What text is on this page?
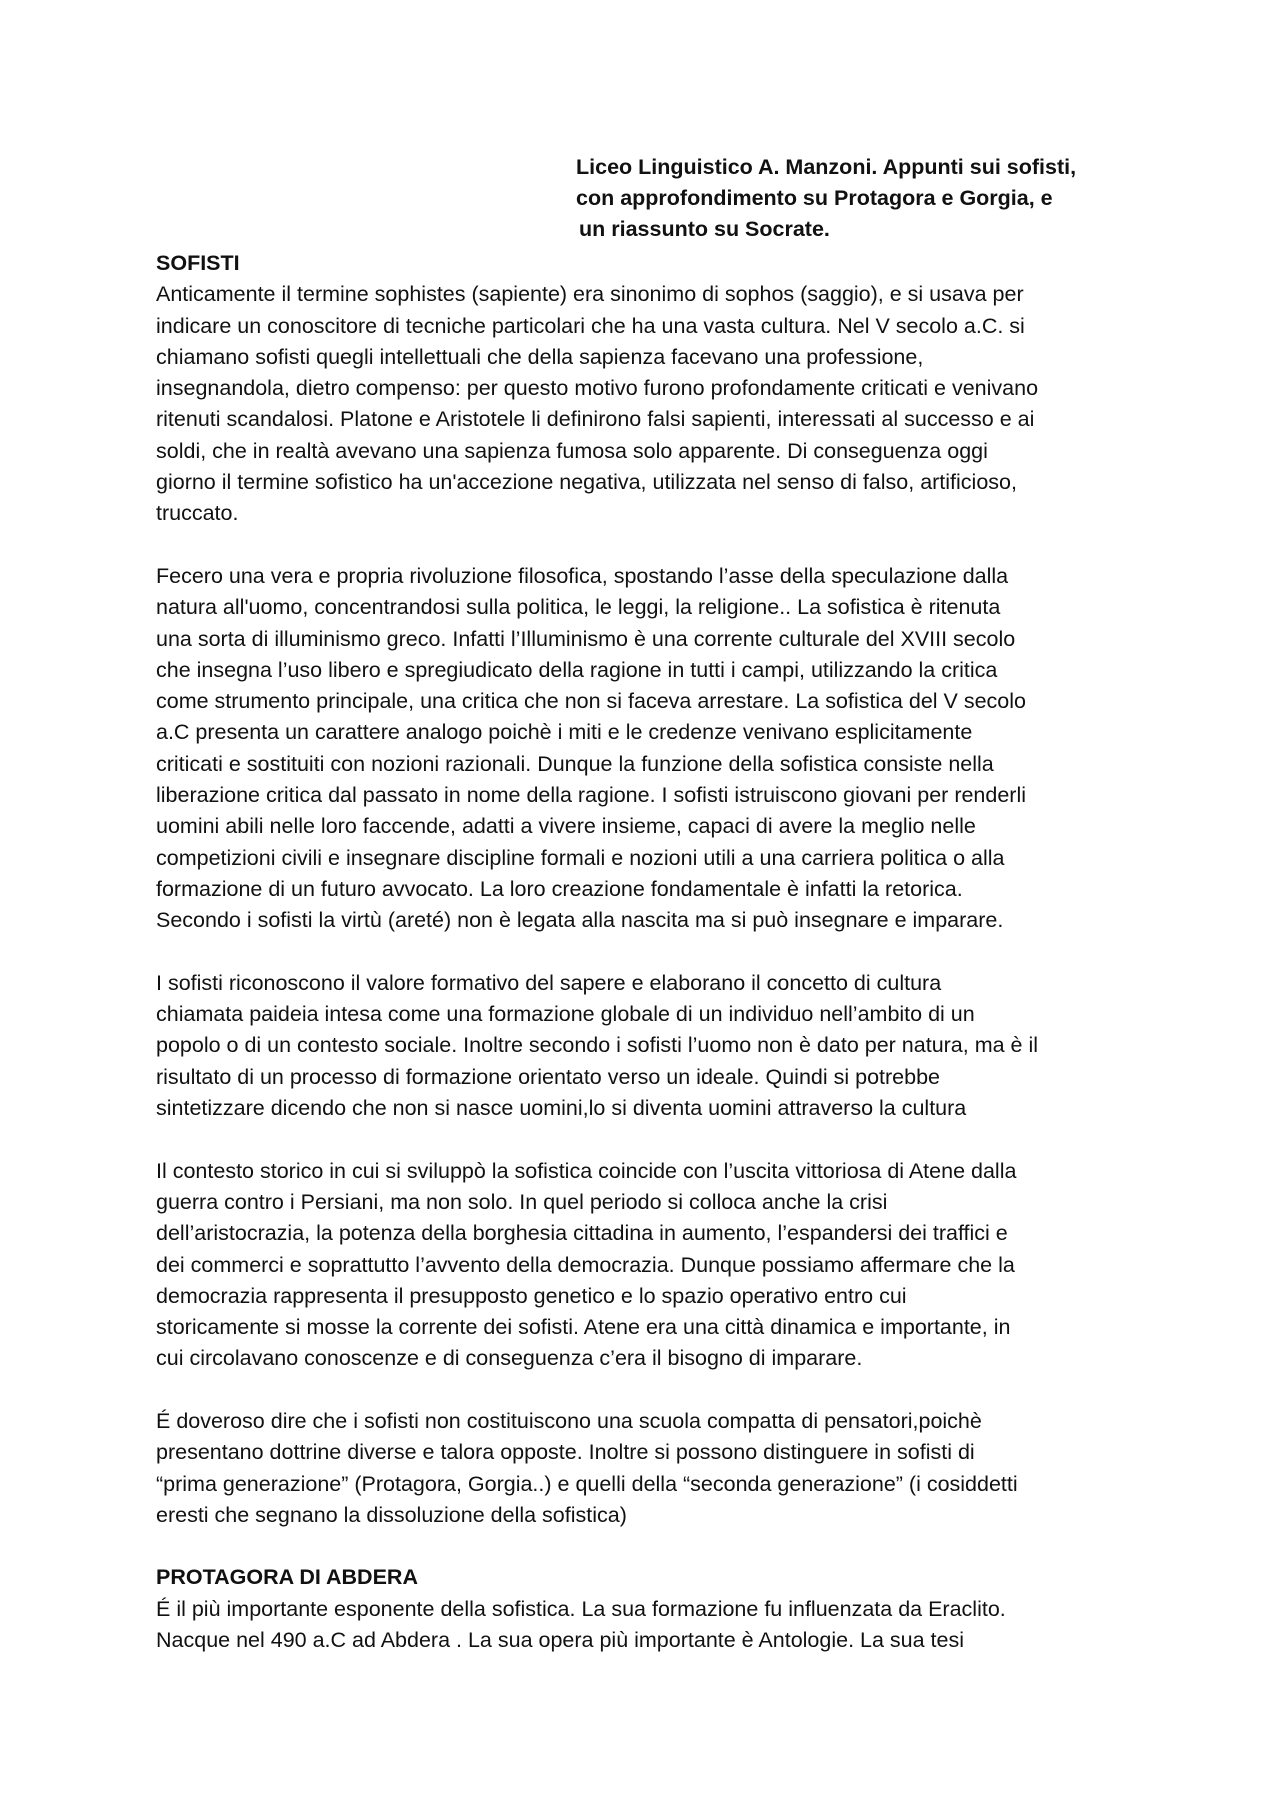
Liceo Linguistico A. Manzoni. Appunti sui sofisti,
con approfondimento su Protagora e Gorgia, e
un riassunto su Socrate.
SOFISTI
Anticamente il termine sophistes (sapiente) era sinonimo di sophos (saggio), e si usava per
indicare un conoscitore di tecniche particolari che ha una vasta cultura. Nel V secolo a.C. si
chiamano sofisti quegli intellettuali che della sapienza facevano una professione,
insegnandola, dietro compenso: per questo motivo furono profondamente criticati e venivano
ritenuti scandalosi. Platone e Aristotele li definirono falsi sapienti, interessati al successo e ai
soldi, che in realtà avevano una sapienza fumosa solo apparente. Di conseguenza oggi
giorno il termine sofistico ha un'accezione negativa, utilizzata nel senso di falso, artificioso,
truccato.
Fecero una vera e propria rivoluzione filosofica, spostando l’asse della speculazione dalla
natura all'uomo, concentrandosi sulla politica, le leggi, la religione.. La sofistica è ritenuta
una sorta di illuminismo greco. Infatti l’Illuminismo è una corrente culturale del XVIII secolo
che insegna l’uso libero e spregiudicato della ragione in tutti i campi, utilizzando la critica
come strumento principale, una critica che non si faceva arrestare. La sofistica del V secolo
a.C presenta un carattere analogo poichè i miti e le credenze venivano esplicitamente
criticati e sostituiti con nozioni razionali. Dunque la funzione della sofistica consiste nella
liberazione critica dal passato in nome della ragione. I sofisti istruiscono giovani per renderli
uomini abili nelle loro faccende, adatti a vivere insieme, capaci di avere la meglio nelle
competizioni civili e insegnare discipline formali e nozioni utili a una carriera politica o alla
formazione di un futuro avvocato. La loro creazione fondamentale è infatti la retorica.
Secondo i sofisti la virtù (areté) non è legata alla nascita ma si può insegnare e imparare.
I sofisti riconoscono il valore formativo del sapere e elaborano il concetto di cultura
chiamata paideia intesa come una formazione globale di un individuo nell’ambito di un
popolo o di un contesto sociale. Inoltre secondo i sofisti l’uomo non è dato per natura, ma è il
risultato di un processo di formazione orientato verso un ideale. Quindi si potrebbe
sintetizzare dicendo che non si nasce uomini,lo si diventa uomini attraverso la cultura
Il contesto storico in cui si sviluppò la sofistica coincide con l’uscita vittoriosa di Atene dalla
guerra contro i Persiani, ma non solo. In quel periodo si colloca anche la crisi
dell’aristocrazia, la potenza della borghesia cittadina in aumento, l’espandersi dei traffici e
dei commerci e soprattutto l’avvento della democrazia. Dunque possiamo affermare che la
democrazia rappresenta il presupposto genetico e lo spazio operativo entro cui
storicamente si mosse la corrente dei sofisti. Atene era una città dinamica e importante, in
cui circolavano conoscenze e di conseguenza c’era il bisogno di imparare.
É doveroso dire che i sofisti non costituiscono una scuola compatta di pensatori,poichè
presentano dottrine diverse e talora opposte. Inoltre si possono distinguere in sofisti di
“prima generazione” (Protagora, Gorgia..) e quelli della “seconda generazione” (i cosiddetti
eresti che segnano la dissoluzione della sofistica)
PROTAGORA DI ABDERA
É il più importante esponente della sofistica. La sua formazione fu influenzata da Eraclito.
Nacque nel 490 a.C ad Abdera . La sua opera più importante è Antologie. La sua tesi
